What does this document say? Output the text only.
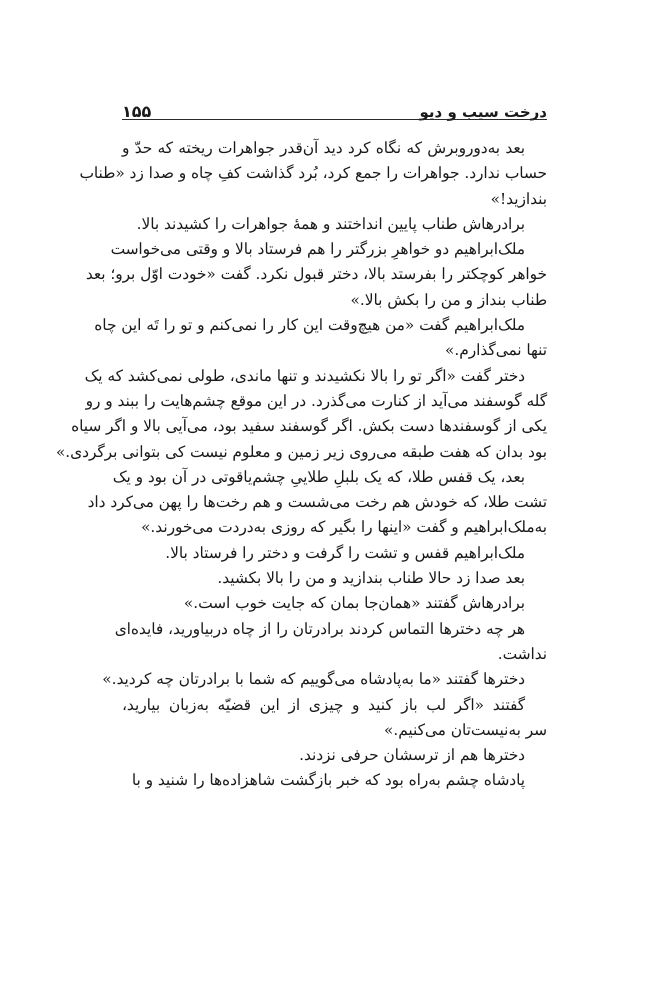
درخت سیب و دیو
۱۵۵
بعد به‌دوروبرش که نگاه کرد دید آن‌قدر جواهرات ریخته که حدّ و
حساب ندارد. جواهرات را جمع کرد، بُرد گذاشت کفِ چاه و صدا زد «طناب
بندازید!»
برادرهاش طناب پایین انداختند و همهٔ جواهرات را کشیدند بالا.
ملک‌ابراهیم دو خواهرِ بزرگتر را هم فرستاد بالا و وقتی می‌خواست
خواهر کوچکتر را بفرستد بالا، دختر قبول نکرد. گفت «خودت اوّل برو؛ بعد
طناب بنداز و من را بکش بالا.»
ملک‌ابراهیم گفت «من هیچ‌وقت این کار را نمی‌کنم و تو را تَه این چاه
تنها نمی‌گذارم.»
دختر گفت «اگر تو را بالا نکشیدند و تنها ماندی، طولی نمی‌کشد که یک
گله گوسفند می‌آید از کنارت می‌گذرد. در این موقع چشم‌هایت را ببند و رو
یکی از گوسفندها دست بکش. اگر گوسفند سفید بود، می‌آیی بالا و اگر سیاه
بود بدان که هفت طبقه می‌روی زیر زمین و معلوم نیست کی بتوانی برگردی.»
بعد، یک قفس طلا، که یک بلبلِ طلاییِ چشم‌یاقوتی در آن بود و یک
تشت طلا، که خودش هم رخت می‌شست و هم رخت‌ها را پهن می‌کرد داد
به‌ملک‌ابراهیم و گفت «اینها را بگیر که روزی به‌دردت می‌خورند.»
ملک‌ابراهیم قفس و تشت را گرفت و دختر را فرستاد بالا.
بعد صدا زد حالا طناب بندازید و من را بالا بکشید.
برادرهاش گفتند «همان‌جا بمان که جایت خوب است.»
هر چه دخترها التماس کردند برادرتان را از چاه دربیاورید، فایده‌ای
نداشت.
دخترها گفتند «ما به‌پادشاه می‌گوییم که شما با برادرتان چه کردید.»
گفتند «اگر لب باز کنید و چیزی از این قضیّه به‌زبان بیارید،
سر به‌نیست‌تان می‌کنیم.»
دخترها هم از ترسشان حرفی نزدند.
پادشاه چشم به‌راه بود که خبر بازگشت شاهزاده‌ها را شنید و با
